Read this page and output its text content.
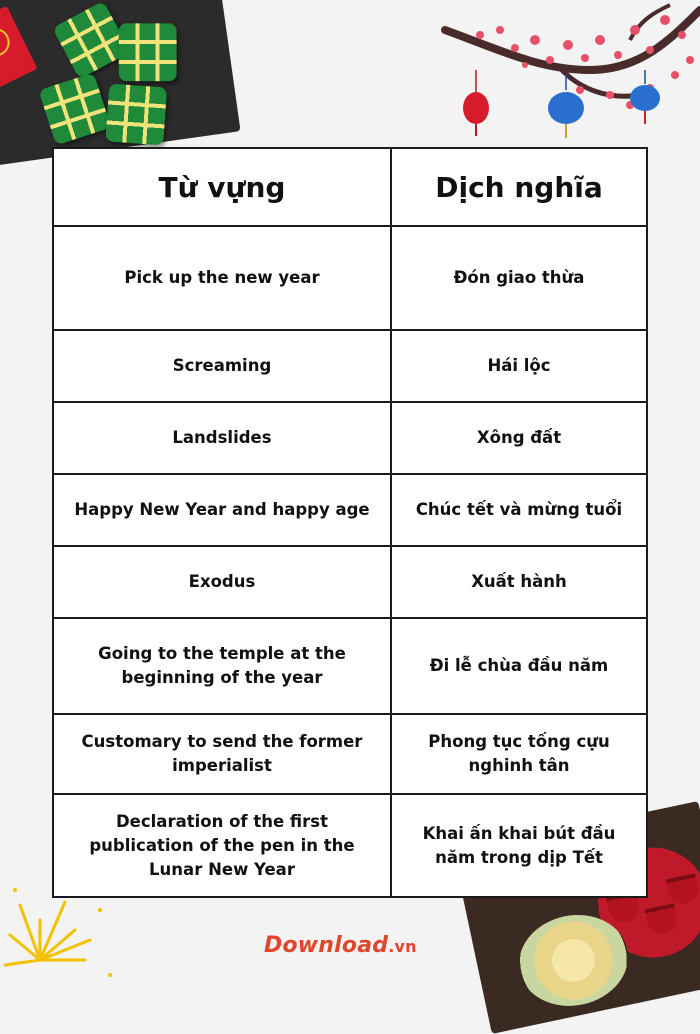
Từ vựng	Dịch nghĩa
Pick up the new year	Đón giao thừa
Screaming	Hái lộc
Landslides	Xông đất
Happy New Year and happy age	Chúc tết và mừng tuổi
Exodus	Xuất hành
Going to the temple at the beginning of the year	Đi lễ chùa đầu năm
Customary to send the former imperialist	Phong tục tống cựu nghinh tân
Declaration of the first publication of the pen in the Lunar New Year	Khai ấn khai bút đầu năm trong dịp Tết
Download.vn
